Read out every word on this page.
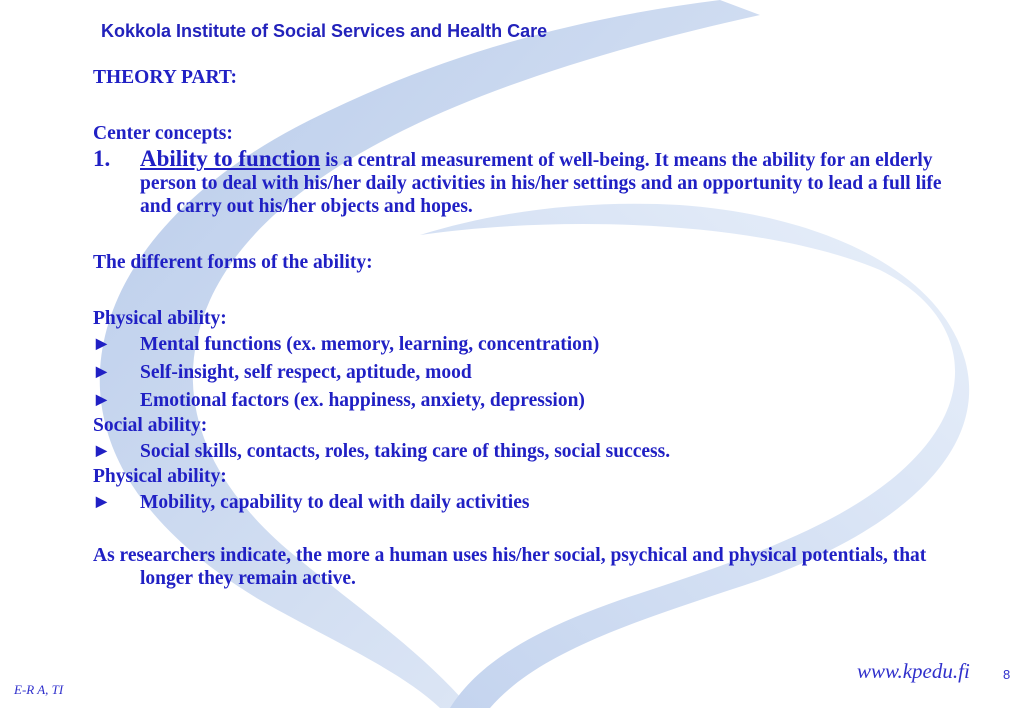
Kokkola Institute of Social Services and Health Care

THEORY PART:

Center concepts:

1.	Ability to function is a central measurement of well-being. It means the ability for an elderly person to deal with his/her daily activities in his/her settings and an opportunity to lead a full life and carry out his/her objects and hopes.

The different forms of the ability:

Physical ability:

▶	Mental functions (ex. memory, learning, concentration)
▶	Self-insight, self respect, aptitude, mood
▶	Emotional factors (ex. happiness, anxiety, depression)

Social ability:

▶	Social skills, contacts, roles, taking care of things, social success.

Physical ability:

▶	Mobility, capability to deal with daily activities

As researchers indicate, the more a human uses his/her social, psychical and physical potentials, that longer they remain active.

www.kpedu.fi	8
E-R A, TI
